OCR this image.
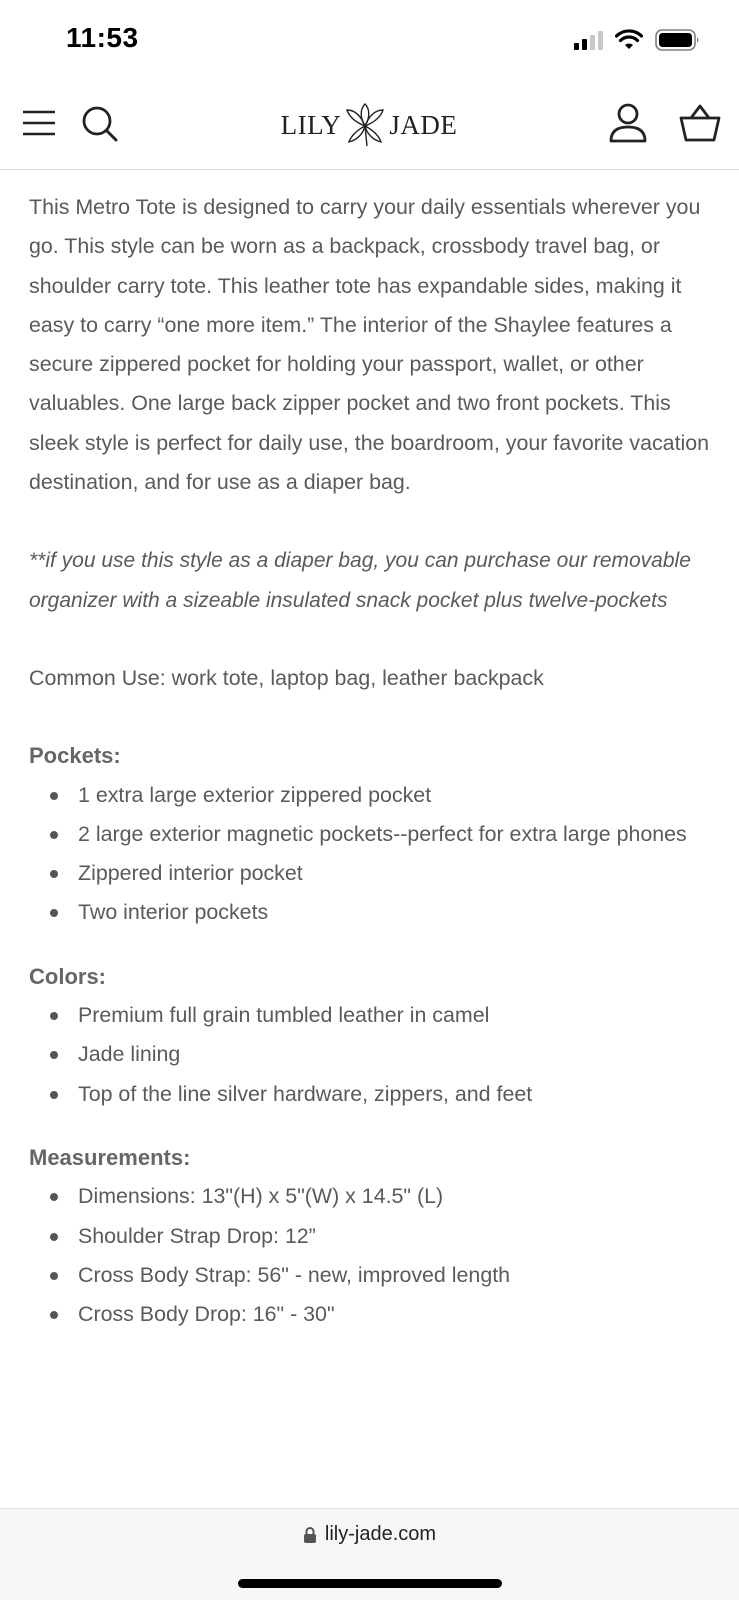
11:53
LILY JADE

This Metro Tote is designed to carry your daily essentials wherever you go. This style can be worn as a backpack, crossbody travel bag, or shoulder carry tote. This leather tote has expandable sides, making it easy to carry “one more item.” The interior of the Shaylee features a secure zippered pocket for holding your passport, wallet, or other valuables. One large back zipper pocket and two front pockets. This sleek style is perfect for daily use, the boardroom, your favorite vacation destination, and for use as a diaper bag.

**if you use this style as a diaper bag, you can purchase our removable organizer with a sizeable insulated snack pocket plus twelve-pockets

Common Use: work tote, laptop bag, leather backpack

Pockets:

1 extra large exterior zippered pocket
2 large exterior magnetic pockets--perfect for extra large phones
Zippered interior pocket
Two interior pockets

Colors:

Premium full grain tumbled leather in camel
Jade lining
Top of the line silver hardware, zippers, and feet

Measurements:

Dimensions: 13"(H) x 5"(W) x 14.5" (L)
Shoulder Strap Drop: 12”
Cross Body Strap: 56" - new, improved length
Cross Body Drop: 16" - 30"
lily-jade.com
